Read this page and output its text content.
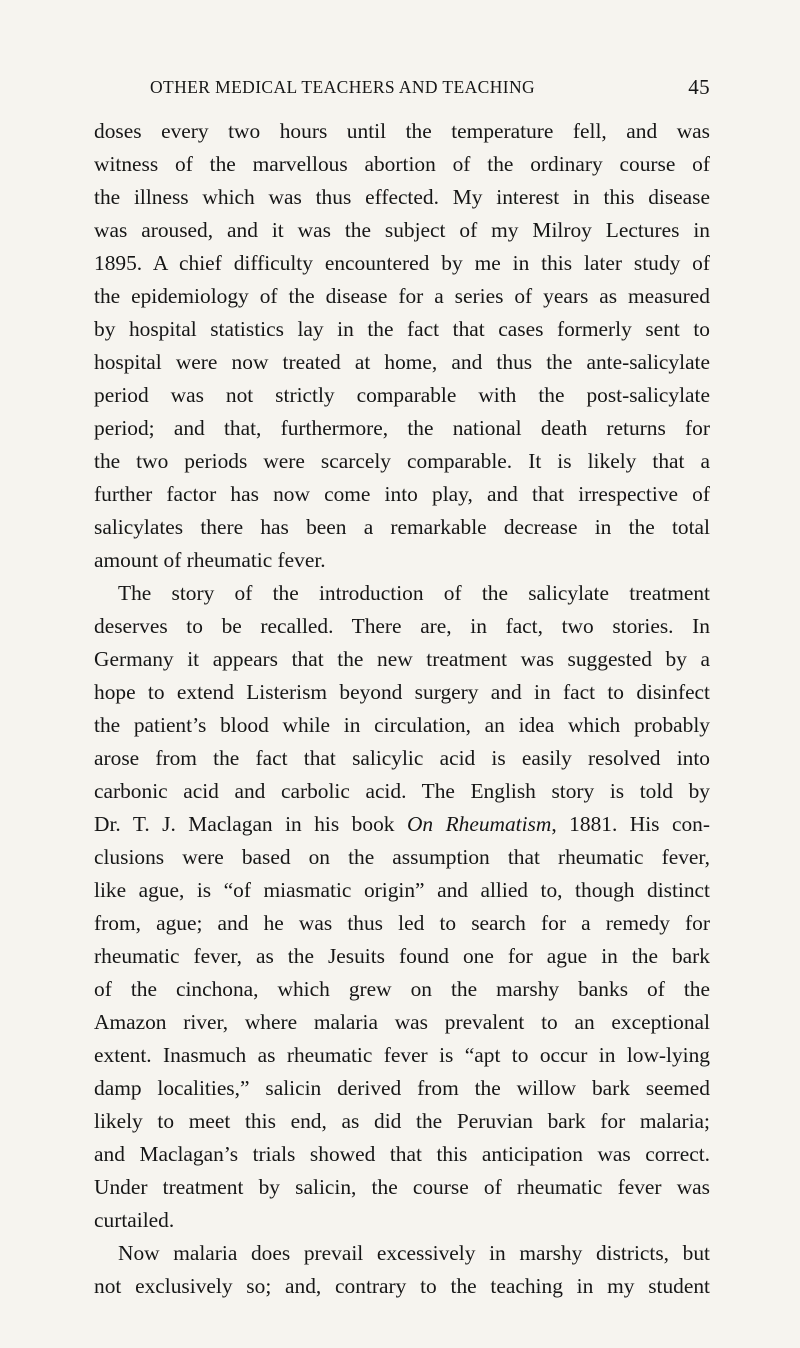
OTHER MEDICAL TEACHERS AND TEACHING	45
doses every two hours until the temperature fell, and was
witness of the marvellous abortion of the ordinary course of
the illness which was thus effected. My interest in this disease
was aroused, and it was the subject of my Milroy Lectures in
1895. A chief difficulty encountered by me in this later study of
the epidemiology of the disease for a series of years as measured
by hospital statistics lay in the fact that cases formerly sent to
hospital were now treated at home, and thus the ante-salicylate
period was not strictly comparable with the post-salicylate
period; and that, furthermore, the national death returns for
the two periods were scarcely comparable. It is likely that a
further factor has now come into play, and that irrespective of
salicylates there has been a remarkable decrease in the total
amount of rheumatic fever.
The story of the introduction of the salicylate treatment
deserves to be recalled. There are, in fact, two stories. In
Germany it appears that the new treatment was suggested by a
hope to extend Listerism beyond surgery and in fact to disinfect
the patient’s blood while in circulation, an idea which probably
arose from the fact that salicylic acid is easily resolved into
carbonic acid and carbolic acid. The English story is told by
Dr. T. J. Maclagan in his book On Rheumatism, 1881. His con-
clusions were based on the assumption that rheumatic fever,
like ague, is “of miasmatic origin” and allied to, though distinct
from, ague; and he was thus led to search for a remedy for
rheumatic fever, as the Jesuits found one for ague in the bark
of the cinchona, which grew on the marshy banks of the
Amazon river, where malaria was prevalent to an exceptional
extent. Inasmuch as rheumatic fever is “apt to occur in low-lying
damp localities,” salicin derived from the willow bark seemed
likely to meet this end, as did the Peruvian bark for malaria;
and Maclagan’s trials showed that this anticipation was correct.
Under treatment by salicin, the course of rheumatic fever was
curtailed.
Now malaria does prevail excessively in marshy districts, but
not exclusively so; and, contrary to the teaching in my student
